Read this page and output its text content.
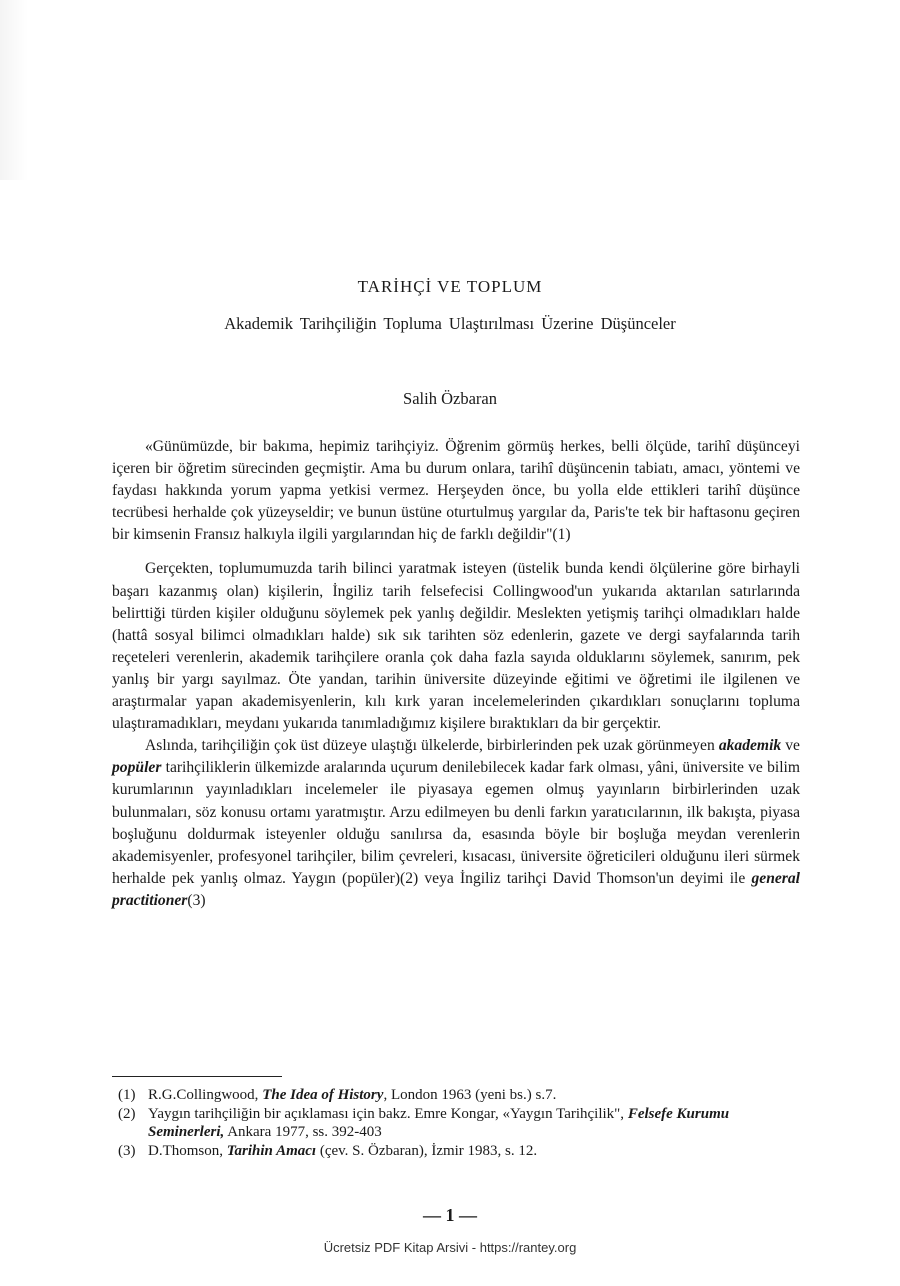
TARİHÇİ VE TOPLUM
Akademik Tarihçiliğin Topluma Ulaştırılması Üzerine Düşünceler
Salih Özbaran

«Günümüzde, bir bakıma, hepimiz tarihçiyiz. Öğrenim görmüş herkes, belli ölçüde, tarihî düşünceyi içeren bir öğretim sürecinden geçmiştir. Ama bu durum onlara, tarihî düşüncenin tabiatı, amacı, yöntemi ve faydası hakkında yorum yapma yetkisi vermez. Herşeyden önce, bu yolla elde ettikleri tarihî düşünce tecrübesi herhalde çok yüzeyseldir; ve bunun üstüne oturtulmuş yargılar da, Paris'te tek bir haftasonu geçiren bir kimsenin Fransız halkıyla ilgili yargılarından hiç de farklı değildir"(1)

Gerçekten, toplumumuzda tarih bilinci yaratmak isteyen (üstelik bunda kendi ölçülerine göre birhayli başarı kazanmış olan) kişilerin, İngiliz tarih felsefecisi Collingwood'un yukarıda aktarılan satırlarında belirttiği türden kişiler olduğunu söylemek pek yanlış değildir. Meslekten yetişmiş tarihçi olmadıkları halde (hattâ sosyal bilimci olmadıkları halde) sık sık tarihten söz edenlerin, gazete ve dergi sayfalarında tarih reçeteleri verenlerin, akademik tarihçilere oranla çok daha fazla sayıda olduklarını söylemek, sanırım, pek yanlış bir yargı sayılmaz. Öte yandan, tarihin üniversite düzeyinde eğitimi ve öğretimi ile ilgilenen ve araştırmalar yapan akademisyenlerin, kılı kırk yaran incelemelerinden çıkardıkları sonuçlarını topluma ulaştıramadıkları, meydanı yukarıda tanımladığımız kişilere bıraktıkları da bir gerçektir.

Aslında, tarihçiliğin çok üst düzeye ulaştığı ülkelerde, birbirlerinden pek uzak görünmeyen akademik ve popüler tarihçiliklerin ülkemizde aralarında uçurum denilebilecek kadar fark olması, yâni, üniversite ve bilim kurumlarının yayınladıkları incelemeler ile piyasaya egemen olmuş yayınların birbirlerinden uzak bulunmaları, söz konusu ortamı yaratmıştır. Arzu edilmeyen bu denli farkın yaratıcılarının, ilk bakışta, piyasa boşluğunu doldurmak isteyenler olduğu sanılırsa da, esasında böyle bir boşluğa meydan verenlerin akademisyenler, profesyonel tarihçiler, bilim çevreleri, kısacası, üniversite öğreticileri olduğunu ileri sürmek herhalde pek yanlış olmaz. Yaygın (popüler)(2) veya İngiliz tarihçi David Thomson'un deyimi ile general practitioner(3)

(1) R.G.Collingwood, The Idea of History, London 1963 (yeni bs.) s.7.
(2) Yaygın tarihçiliğin bir açıklaması için bakz. Emre Kongar, «Yaygın Tarihçilik", Felsefe Kurumu Seminerleri, Ankara 1977, ss. 392-403
(3) D.Thomson, Tarihin Amacı (çev. S. Özbaran), İzmir 1983, s. 12.
— 1 —
Ücretsiz PDF Kitap Arsivi - https://rantey.org
